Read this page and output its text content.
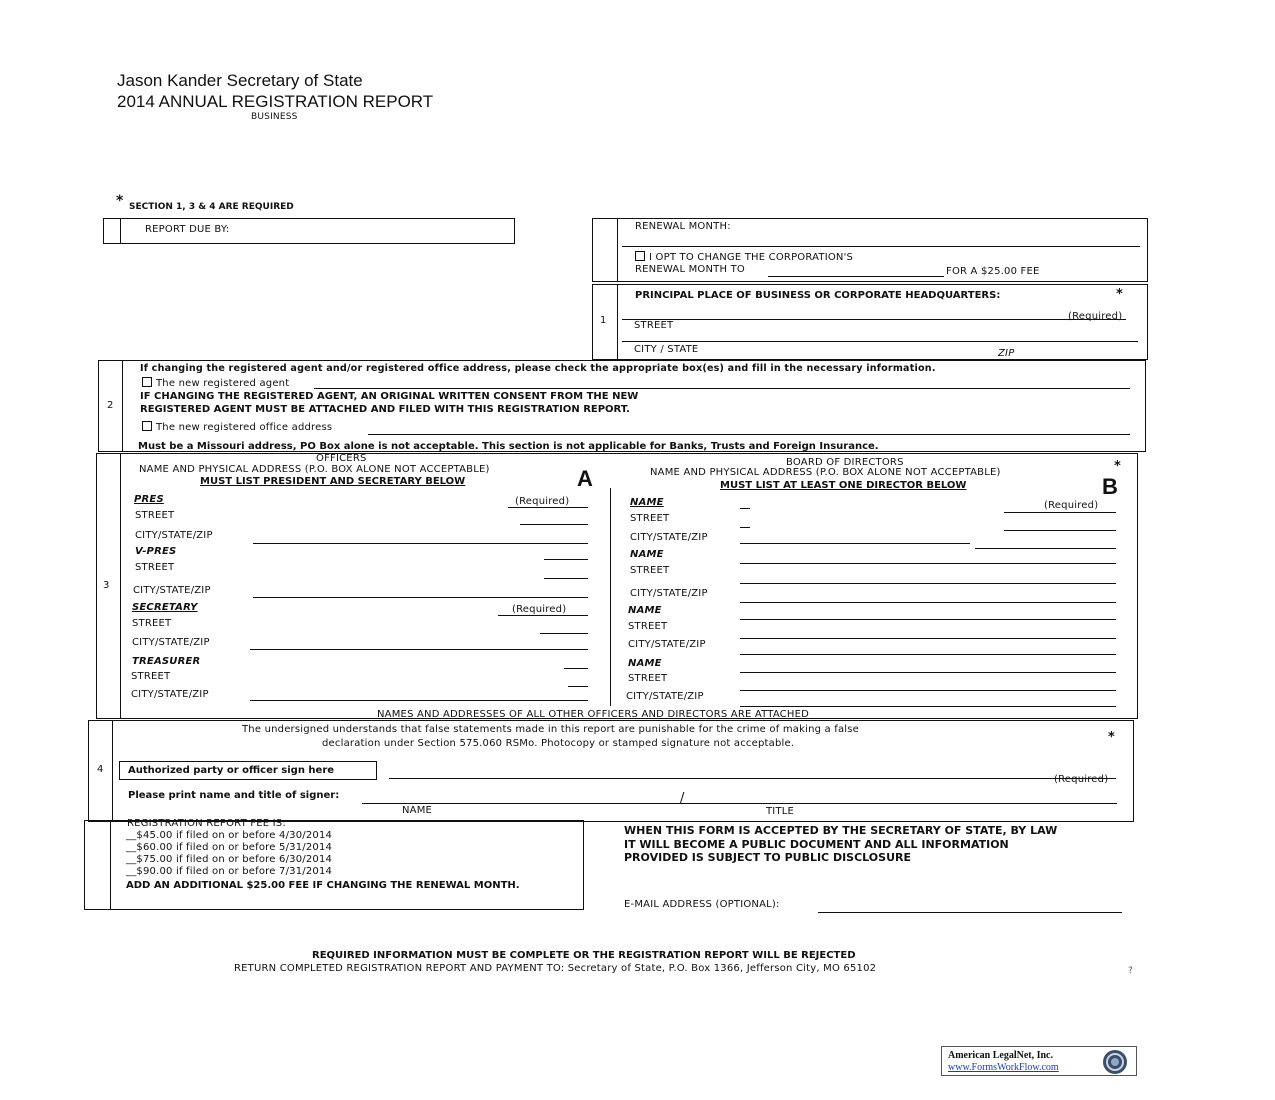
Jason Kander Secretary of State
2014 ANNUAL REGISTRATION REPORT
BUSINESS
* SECTION 1, 3 & 4 ARE REQUIRED
REPORT DUE BY:	RENEWAL MONTH:
I OPT TO CHANGE THE CORPORATION'S
RENEWAL MONTH TO	FOR A $25.00 FEE
1
PRINCIPAL PLACE OF BUSINESS OR CORPORATE HEADQUARTERS:	*
(Required)
STREET
CITY / STATE	ZIP
2
If changing the registered agent and/or registered office address, please check the appropriate box(es) and fill in the necessary information.
The new registered agent
IF CHANGING THE REGISTERED AGENT, AN ORIGINAL WRITTEN CONSENT FROM THE NEW
REGISTERED AGENT MUST BE ATTACHED AND FILED WITH THIS REGISTRATION REPORT.
The new registered office address
Must be a Missouri address, PO Box alone is not acceptable. This section is not applicable for Banks, Trusts and Foreign Insurance.
3
OFFICERS
NAME AND PHYSICAL ADDRESS (P.O. BOX ALONE NOT ACCEPTABLE)
MUST LIST PRESIDENT AND SECRETARY BELOW	A
PRES	(Required)
STREET
CITY/STATE/ZIP
V-PRES
STREET
CITY/STATE/ZIP
SECRETARY	(Required)
STREET
CITY/STATE/ZIP
TREASURER
STREET
CITY/STATE/ZIP
BOARD OF DIRECTORS
NAME AND PHYSICAL ADDRESS (P.O. BOX ALONE NOT ACCEPTABLE)	*
MUST LIST AT LEAST ONE DIRECTOR BELOW	B
NAME	(Required)
STREET
CITY/STATE/ZIP
NAME
STREET
CITY/STATE/ZIP
NAME
STREET
CITY/STATE/ZIP
NAME
STREET
CITY/STATE/ZIP
NAMES AND ADDRESSES OF ALL OTHER OFFICERS AND DIRECTORS ARE ATTACHED
4
The undersigned understands that false statements made in this report are punishable for the crime of making a false
declaration under Section 575.060 RSMo. Photocopy or stamped signature not acceptable.	*
Authorized party or officer sign here
(Required)
Please print name and title of signer:	/
NAME	TITLE
REGISTRATION REPORT FEE IS:
__$45.00 if filed on or before 4/30/2014
__$60.00 if filed on or before 5/31/2014
__$75.00 if filed on or before 6/30/2014
__$90.00 if filed on or before 7/31/2014
ADD AN ADDITIONAL $25.00 FEE IF CHANGING THE RENEWAL MONTH.
WHEN THIS FORM IS ACCEPTED BY THE SECRETARY OF STATE, BY LAW
IT WILL BECOME A PUBLIC DOCUMENT AND ALL INFORMATION
PROVIDED IS SUBJECT TO PUBLIC DISCLOSURE
E-MAIL ADDRESS (OPTIONAL):
REQUIRED INFORMATION MUST BE COMPLETE OR THE REGISTRATION REPORT WILL BE REJECTED
RETURN COMPLETED REGISTRATION REPORT AND PAYMENT TO: Secretary of State, P.O. Box 1366, Jefferson City, MO 65102	?
American LegalNet, Inc.
www.FormsWorkFlow.com
